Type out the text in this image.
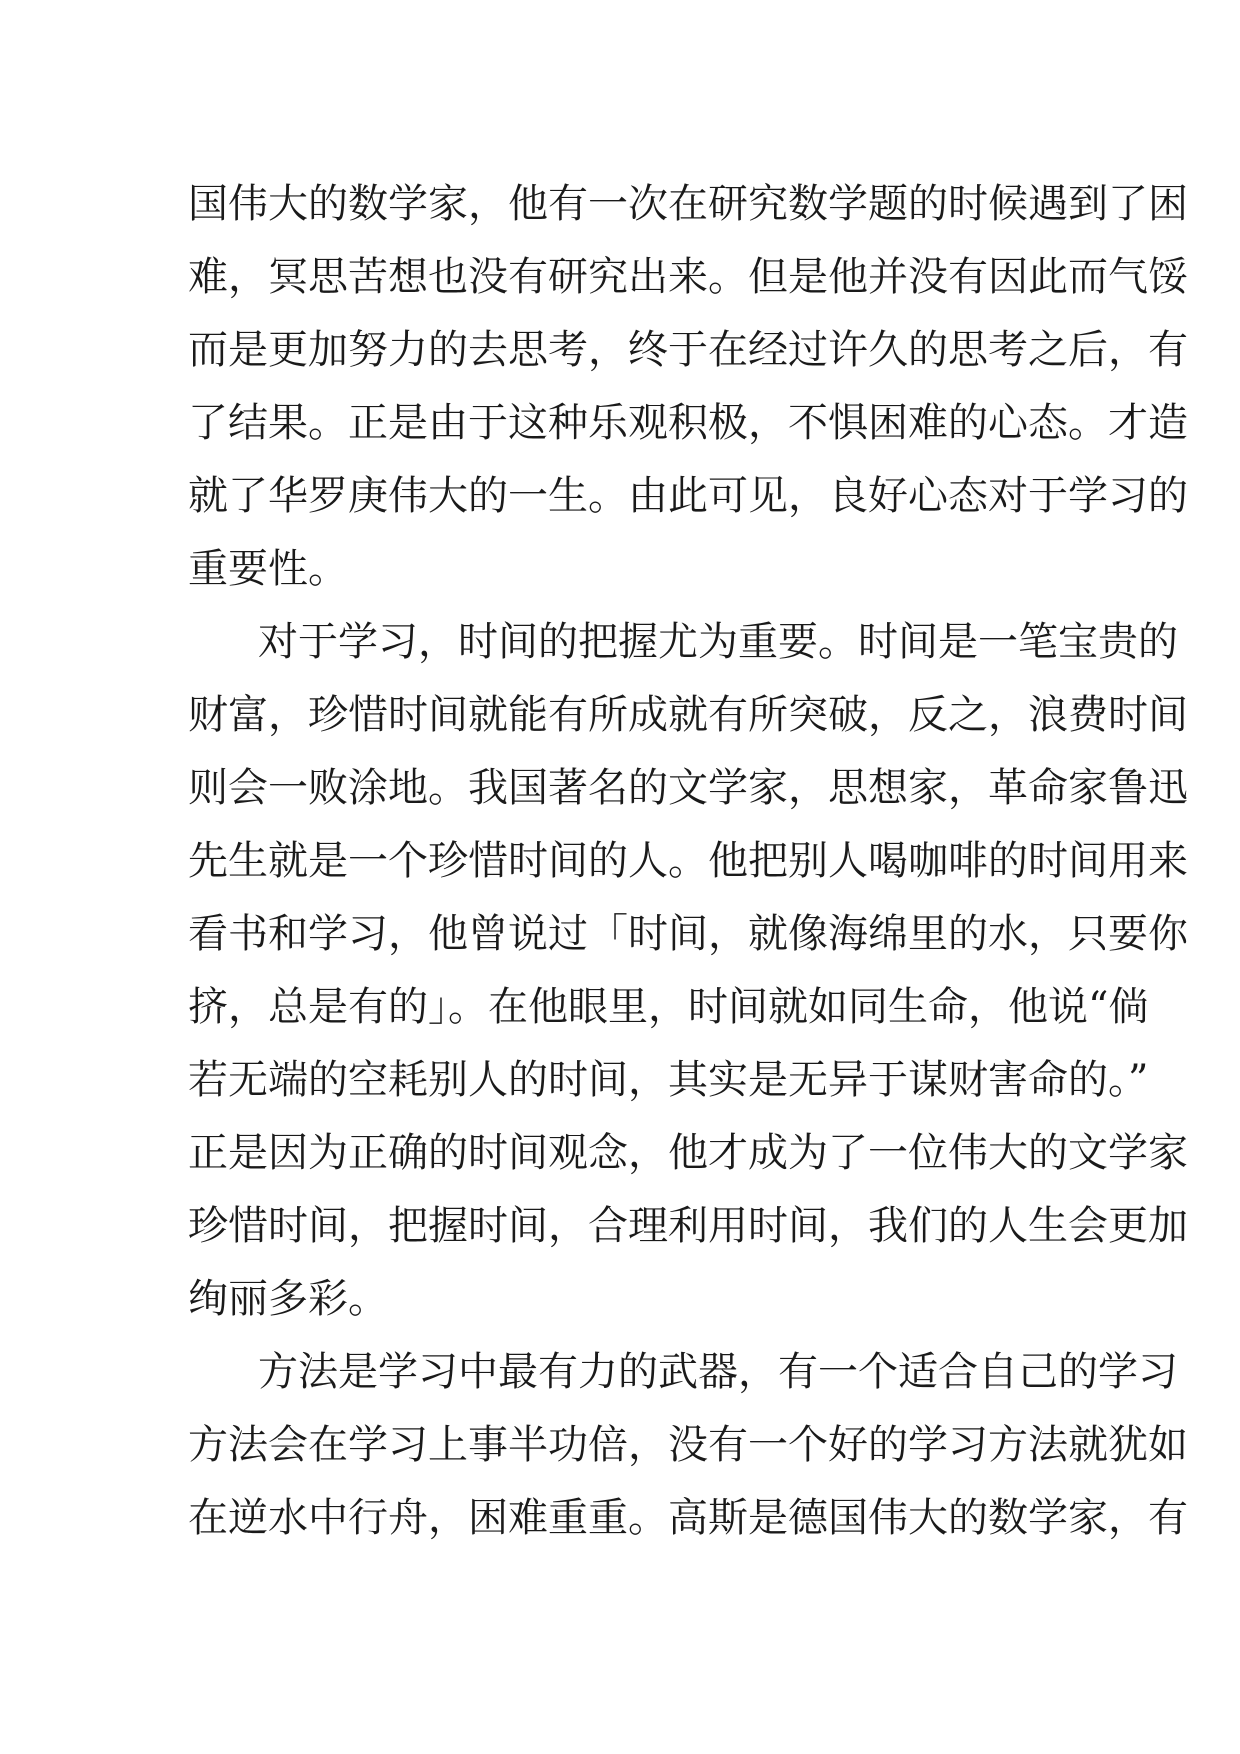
国伟大的数学家，他有一次在研究数学题的时候遇到了困
难，冥思苦想也没有研究出来。但是他并没有因此而气馁
而是更加努力的去思考，终于在经过许久的思考之后，有
了结果。正是由于这种乐观积极，不惧困难的心态。才造
就了华罗庚伟大的一生。由此可见，良好心态对于学习的
重要性。
对于学习，时间的把握尤为重要。时间是一笔宝贵的
财富，珍惜时间就能有所成就有所突破，反之，浪费时间
则会一败涂地。我国著名的文学家，思想家，革命家鲁迅
先生就是一个珍惜时间的人。他把别人喝咖啡的时间用来
看书和学习，他曾说过「时间，就像海绵里的水，只要你
挤，总是有的」。在他眼里，时间就如同生命，他说“倘
若无端的空耗别人的时间，其实是无异于谋财害命的。”
正是因为正确的时间观念，他才成为了一位伟大的文学家
珍惜时间，把握时间，合理利用时间，我们的人生会更加
绚丽多彩。
方法是学习中最有力的武器，有一个适合自己的学习
方法会在学习上事半功倍，没有一个好的学习方法就犹如
在逆水中行舟，困难重重。高斯是德国伟大的数学家，有
